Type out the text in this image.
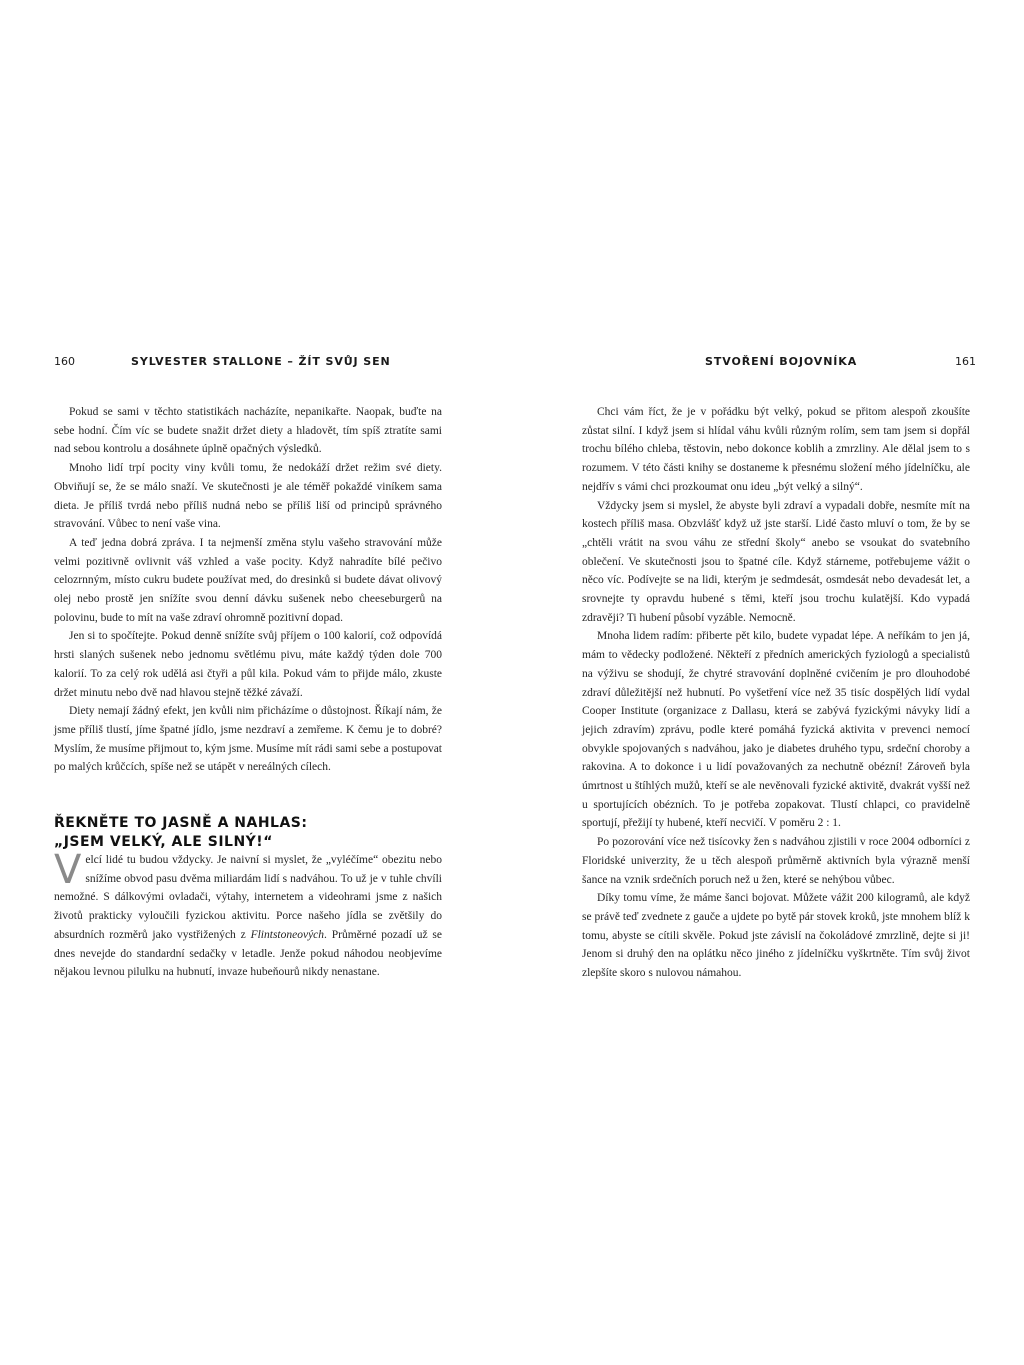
160	SYLVESTER STALLONE – ŽÍT SVŮJ SEN

Pokud se sami v těchto statistikách nacházíte, nepanikařte. Naopak, buďte na sebe hodní. Čím víc se budete snažit držet diety a hladovět, tím spíš ztratíte sami nad sebou kontrolu a dosáhnete úplně opačných výsledků.

Mnoho lidí trpí pocity viny kvůli tomu, že nedokáží držet režim své diety. Obviňují se, že se málo snaží. Ve skutečnosti je ale téměř pokaždé viníkem sama dieta. Je příliš tvrdá nebo příliš nudná nebo se příliš liší od principů správného stravování. Vůbec to není vaše vina.

A teď jedna dobrá zpráva. I ta nejmenší změna stylu vašeho stravování může velmi pozitivně ovlivnit váš vzhled a vaše pocity. Když nahradíte bílé pečivo celozrnným, místo cukru budete používat med, do dresinků si budete dávat olivový olej nebo prostě jen snížíte svou denní dávku sušenek nebo cheeseburgerů na polovinu, bude to mít na vaše zdraví ohromně pozitivní dopad.

Jen si to spočítejte. Pokud denně snížíte svůj příjem o 100 kalorií, což odpovídá hrsti slaných sušenek nebo jednomu světlému pivu, máte každý týden dole 700 kalorií. To za celý rok udělá asi čtyři a půl kila. Pokud vám to přijde málo, zkuste držet minutu nebo dvě nad hlavou stejně těžké závaží.

Diety nemají žádný efekt, jen kvůli nim přicházíme o důstojnost. Říkají nám, že jsme příliš tlustí, jíme špatné jídlo, jsme nezdraví a zemřeme. K čemu je to dobré? Myslím, že musíme přijmout to, kým jsme. Musíme mít rádi sami sebe a postupovat po malých krůčcích, spíše než se utápět v nereálných cílech.

ŘEKNĚTE TO JASNĚ A NAHLAS:
„JSEM VELKÝ, ALE SILNÝ!“

Velcí lidé tu budou vždycky. Je naivní si myslet, že „vyléčíme“ obezitu nebo snížíme obvod pasu dvěma miliardám lidí s nadváhou. To už je v tuhle chvíli nemožné. S dálkovými ovladači, výtahy, internetem a videohrami jsme z našich životů prakticky vyloučili fyzickou aktivitu. Porce našeho jídla se zvětšily do absurdních rozměrů jako vystřižených z Flintstoneových. Průměrné pozadí už se dnes nevejde do standardní sedačky v letadle. Jenže pokud náhodou neobjevíme nějakou levnou pilulku na hubnutí, invaze hubeňourů nikdy nenastane.

STVOŘENÍ BOJOVNÍKA	161

Chci vám říct, že je v pořádku být velký, pokud se přitom alespoň zkoušíte zůstat silní. I když jsem si hlídal váhu kvůli různým rolím, sem tam jsem si dopřál trochu bílého chleba, těstovin, nebo dokonce koblih a zmrzliny. Ale dělal jsem to s rozumem. V této části knihy se dostaneme k přesnému složení mého jídelníčku, ale nejdřív s vámi chci prozkoumat onu ideu „být velký a silný“.

Vždycky jsem si myslel, že abyste byli zdraví a vypadali dobře, nesmíte mít na kostech příliš masa. Obzvlášť když už jste starší. Lidé často mluví o tom, že by se „chtěli vrátit na svou váhu ze střední školy“ anebo se vsoukat do svatebního oblečení. Ve skutečnosti jsou to špatné cíle. Když stárneme, potřebujeme vážit o něco víc. Podívejte se na lidi, kterým je sedmdesát, osmdesát nebo devadesát let, a srovnejte ty opravdu hubené s těmi, kteří jsou trochu kulatější. Kdo vypadá zdravěji? Ti hubení působí vyzáble. Nemocně.

Mnoha lidem radím: přiberte pět kilo, budete vypadat lépe. A neříkám to jen já, mám to vědecky podložené. Někteří z předních amerických fyziologů a specialistů na výživu se shodují, že chytré stravování doplněné cvičením je pro dlouhodobé zdraví důležitější než hubnutí. Po vyšetření více než 35 tisíc dospělých lidí vydal Cooper Institute (organizace z Dallasu, která se zabývá fyzickými návyky lidí a jejich zdravím) zprávu, podle které pomáhá fyzická aktivita v prevenci nemocí obvykle spojovaných s nadváhou, jako je diabetes druhého typu, srdeční choroby a rakovina. A to dokonce i u lidí považovaných za nechutně obézní! Zároveň byla úmrtnost u štíhlých mužů, kteří se ale nevěnovali fyzické aktivitě, dvakrát vyšší než u sportujících obézních. To je potřeba zopakovat. Tlustí chlapci, co pravidelně sportují, přežijí ty hubené, kteří necvičí. V poměru 2 : 1.

Po pozorování více než tisícovky žen s nadváhou zjistili v roce 2004 odborníci z Floridské univerzity, že u těch alespoň průměrně aktivních byla výrazně menší šance na vznik srdečních poruch než u žen, které se nehýbou vůbec.

Díky tomu víme, že máme šanci bojovat. Můžete vážit 200 kilogramů, ale když se právě teď zvednete z gauče a ujdete po bytě pár stovek kroků, jste mnohem blíž k tomu, abyste se cítili skvěle. Pokud jste závislí na čokoládové zmrzlině, dejte si ji! Jenom si druhý den na oplátku něco jiného z jídelníčku vyškrtněte. Tím svůj život zlepšíte skoro s nulovou námahou.
